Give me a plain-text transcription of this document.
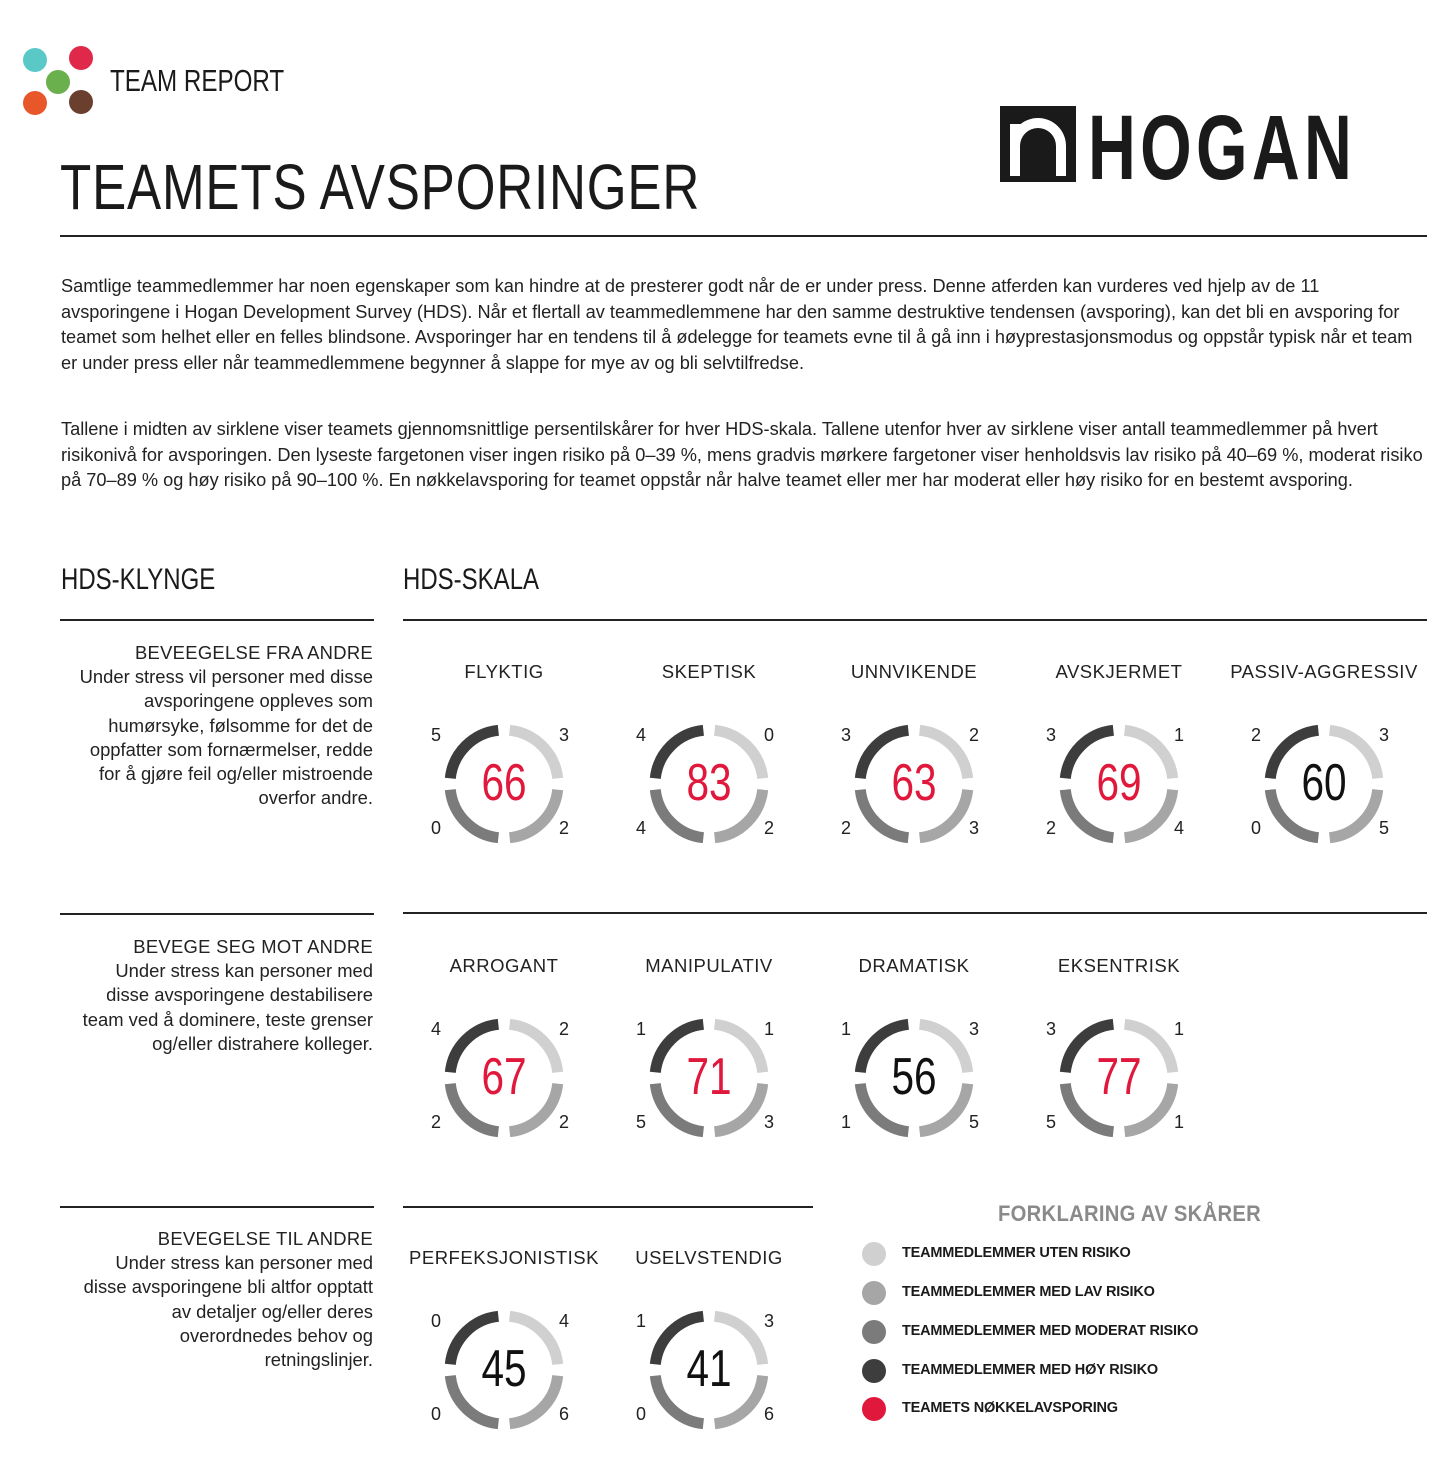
TEAM REPORT
TEAMETS AVSPORINGER	HOGAN
Samtlige teammedlemmer har noen egenskaper som kan hindre at de presterer godt når de er under press. Denne atferden kan vurderes ved hjelp av de 11 avsporingene i Hogan Development Survey (HDS). Når et flertall av teammedlemmene har den samme destruktive tendensen (avsporing), kan det bli en avsporing for teamet som helhet eller en felles blindsone. Avsporinger har en tendens til å ødelegge for teamets evne til å gå inn i høyprestasjonsmodus og oppstår typisk når et team er under press eller når teammedlemmene begynner å slappe for mye av og bli selvtilfredse.
Tallene i midten av sirklene viser teamets gjennomsnittlige persentilskårer for hver HDS-skala. Tallene utenfor hver av sirklene viser antall teammedlemmer på hvert risikonivå for avsporingen. Den lyseste fargetonen viser ingen risiko på 0–39 %, mens gradvis mørkere fargetoner viser henholdsvis lav risiko på 40–69 %, moderat risiko på 70–89 % og høy risiko på 90–100 %. En nøkkelavsporing for teamet oppstår når halve teamet eller mer har moderat eller høy risiko for en bestemt avsporing.
HDS-KLYNGE	HDS-SKALA
BEVEEGELSE FRA ANDRE
Under stress vil personer med disse
avsporingene oppleves som
humørsyke, følsomme for det de
oppfatter som fornærmelser, redde
for å gjøre feil og/eller mistroende
overfor andre.
BEVEGE SEG MOT ANDRE
Under stress kan personer med
disse avsporingene destabilisere
team ved å dominere, teste grenser
og/eller distrahere kolleger.
BEVEGELSE TIL ANDRE
Under stress kan personer med
disse avsporingene bli altfor opptatt
av detaljer og/eller deres
overordnedes behov og
retningslinjer.
FLYKTIG
5	3
0	2
66
SKEPTISK
4	0
4	2
83
UNNVIKENDE
3	2
2	3
63
AVSKJERMET
3	1
2	4
69
PASSIV-AGGRESSIV
2	3
0	5
60
ARROGANT
4	2
2	2
67
MANIPULATIV
1	1
5	3
71
DRAMATISK
1	3
1	5
56
EKSENTRISK
3	1
5	1
77
PERFEKSJONISTISK
0	4
0	6
45
USELVSTENDIG
1	3
0	6
41
FORKLARING AV SKÅRER
TEAMMEDLEMMER UTEN RISIKO
TEAMMEDLEMMER MED LAV RISIKO
TEAMMEDLEMMER MED MODERAT RISIKO
TEAMMEDLEMMER MED HØY RISIKO
TEAMETS NØKKELAVSPORING
